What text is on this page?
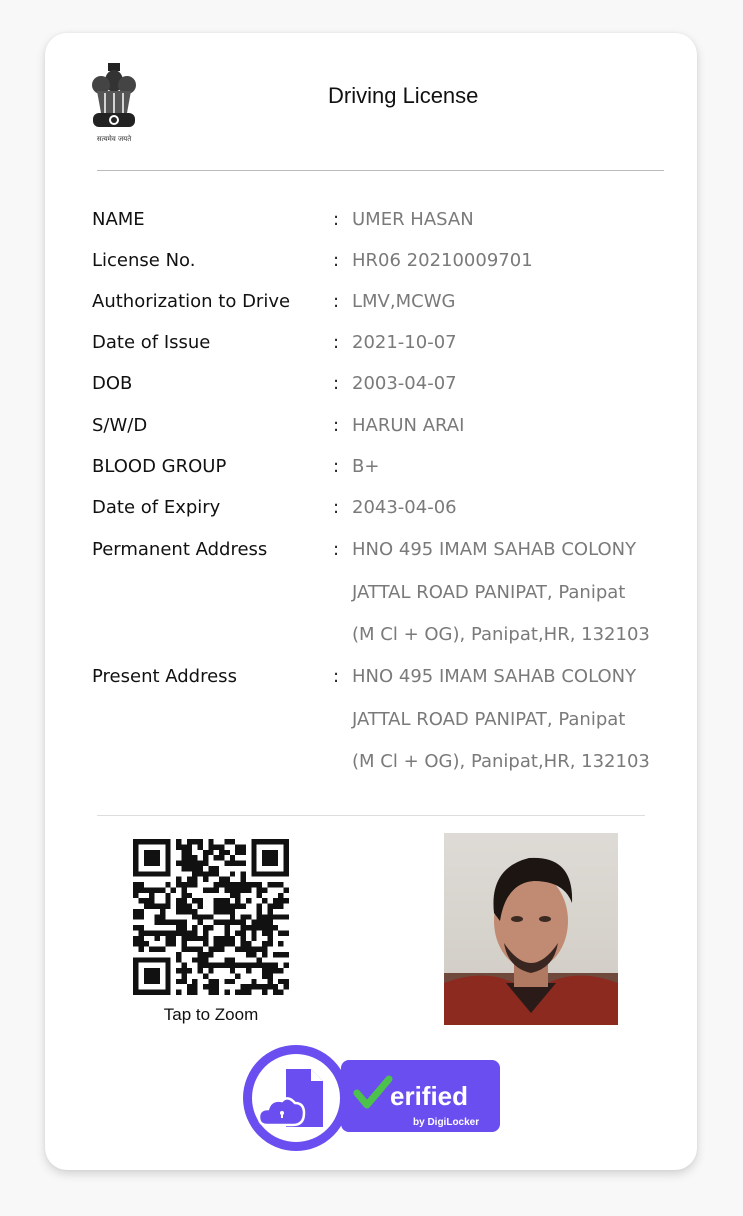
सत्यमेव जयते
Driving License
NAME	: UMER HASAN
License No.	: HR06 20210009701
Authorization to Drive	: LMV,MCWG
Date of Issue	: 2021-10-07
DOB	: 2003-04-07
S/W/D	: HARUN ARAI
BLOOD GROUP	: B+
Date of Expiry	: 2043-04-06
Permanent Address	: HNO 495 IMAM SAHAB COLONY
JATTAL ROAD PANIPAT, Panipat
(M Cl + OG), Panipat,HR, 132103
Present Address	: HNO 495 IMAM SAHAB COLONY
JATTAL ROAD PANIPAT, Panipat
(M Cl + OG), Panipat,HR, 132103
Tap to Zoom
erified
by DigiLocker
